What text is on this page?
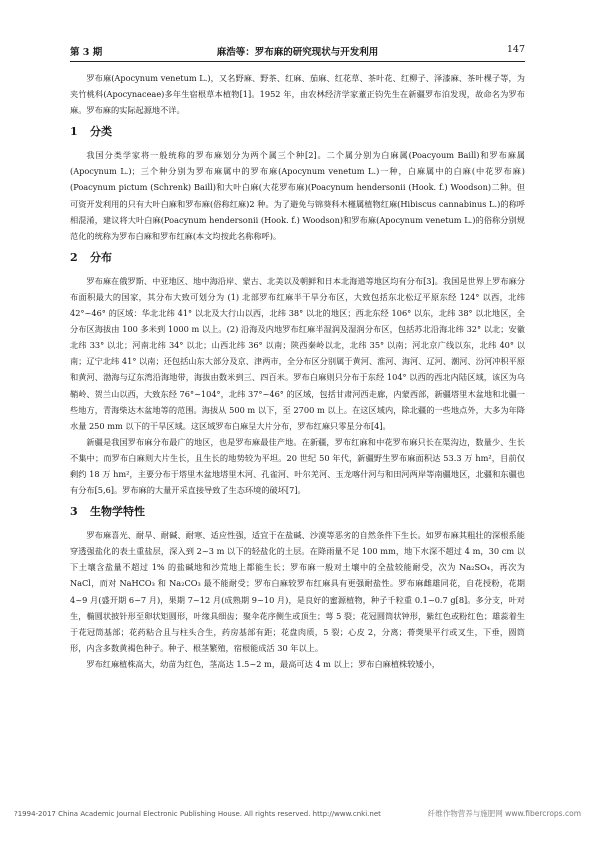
第 3 期	麻浩等：罗布麻的研究现状与开发利用	147

罗布麻(Apocynum venetum L.)，又名野麻、野茶、红麻、茄麻、红花草、茶叶花、红柳子、泽漆麻、茶叶棵子等，为夹竹桃科(Apocynaceae)多年生宿根草本植物[1]。1952 年，由农林经济学家董正钧先生在新疆罗布泊发现，故命名为罗布麻。罗布麻的实际起源地不详。

1 分类

我国分类学家将一般统称的罗布麻划分为两个属三个种[2]。二个属分别为白麻属(Poacyoum Baill)和罗布麻属(Apocynum L.)；三个种分别为罗布麻属中的罗布麻(Apocynum venetum L.)一种，白麻属中的白麻(中花罗布麻)(Poacynum pictum (Schrenk) Baill)和大叶白麻(大花罗布麻)(Poacynum hendersonii (Hook. f.) Woodson)二种。但可资开发利用的只有大叶白麻和罗布麻(俗称红麻)2 种。为了避免与锦葵科木槿属植物红麻(Hibiscus cannabinus L.)的称呼相混淆，建议将大叶白麻(Poacynum hendersonii (Hook. f.) Woodson)和罗布麻(Apocynum venetum L.)的俗称分别规范化的统称为罗布白麻和罗布红麻(本文均按此名称称呼)。

2 分布

罗布麻在俄罗斯、中亚地区、地中海沿岸、蒙古、北美以及朝鲜和日本北海道等地区均有分布[3]。我国是世界上罗布麻分布面积最大的国家，其分布大致可划分为 (1) 北部罗布红麻半干旱分布区，大致包括东北松辽平原东经 124° 以西，北纬 42°~46° 的区域：华北北纬 41° 以北及大行山以西，北纬 38° 以北的地区；西北东经 106° 以东，北纬 38° 以北地区，全分布区海拔由 100 多米到 1000 m 以上。(2) 沿海及内地罗布红麻半湿润及湿润分布区，包括苏北沿海北纬 32° 以北；安徽北纬 33° 以北；河南北纬 34° 以北；山西北纬 36° 以南；陕西秦岭以北，北纬 35° 以南；河北京广线以东，北纬 40° 以南；辽宁北纬 41° 以南；还包括山东大部分及京、津两市，全分布区分别属于黄河、淮河、海河、辽河、潮河、汾河冲积平原和黄河、渤海与辽东湾沿海地带，海拔由数米到三、四百米。罗布白麻则只分布于东经 104° 以西的西北内陆区域，该区为乌鞘岭、贺兰山以西，大致东经 76°~104°，北纬 37°~46° 的区域，包括甘肃河西走廊，内蒙西部，新疆塔里木盆地和北疆一些地方，青海柴达木盆地等的范围。海拔从 500 m 以下，至 2700 m 以上。在这区域内，除北疆的一些地点外，大多为年降水量 250 mm 以下的干旱区域。这区域罗布白麻呈大片分布，罗布红麻只零星分布[4]。

新疆是我国罗布麻分布最广的地区，也是罗布麻最佳产地。在新疆，罗布红麻和中花罗布麻只长在渠沟边，数量少、生长不集中；而罗布白麻则大片生长，且生长的地势较为平坦。20 世纪 50 年代，新疆野生罗布麻面积达 53.3 万 hm²，目前仅剩约 18 万 hm²，主要分布于塔里木盆地塔里木河、孔雀河、叶尔羌河、玉龙喀什河与和田河两岸等南疆地区，北疆和东疆也有分布[5,6]。罗布麻的大量开采直接导致了生态环境的破坏[7]。

3 生物学特性

罗布麻喜光、耐旱、耐碱、耐寒、适应性强，适宜于在盐碱、沙漠等恶劣的自然条件下生长。如罗布麻其粗壮的深根系能穿透强盐化的表土重盐层，深入到 2~3 m 以下的轻盐化的土层。在降雨量不足 100 mm，地下水深不超过 4 m，30 cm 以下土壤含盐量不超过 1% 的盐碱地和沙荒地上都能生长；罗布麻一般对土壤中的全盐较能耐受，次为 Na₂SO₄，再次为 NaCl，而对 NaHCO₃ 和 Na₂CO₃ 最不能耐受；罗布白麻较罗布红麻具有更强耐盐性。罗布麻雌雄同花，自花授粉，花期 4~9 月(盛开期 6~7 月)，果期 7~12 月(成熟期 9~10 月)，是良好的蜜源植物，种子千粒重 0.1~0.7 g[8]。多分支，叶对生，椭圆状披针形至卵状矩圆形，叶缘具细齿；聚伞花序侧生或顶生；萼 5 裂；花冠圆筒状钟形，紫红色或粉红色；雄蕊着生于花冠筒基部；花药粘合且与柱头合生，药房基部有距；花盘肉质，5 裂；心皮 2，分离；蓇葖果平行或叉生，下垂，圆筒形，内含多数黄褐色种子。种子、根茎繁殖，宿根能成活 30 年以上。

罗布红麻植株高大，幼苗为红色，茎高达 1.5~2 m，最高可达 4 m 以上；罗布白麻植株较矮小，

?1994-2017 China Academic Journal Electronic Publishing House. All rights reserved. http://www.cnki.net	纤维作物营养与施肥网 www.fibercrops.com
